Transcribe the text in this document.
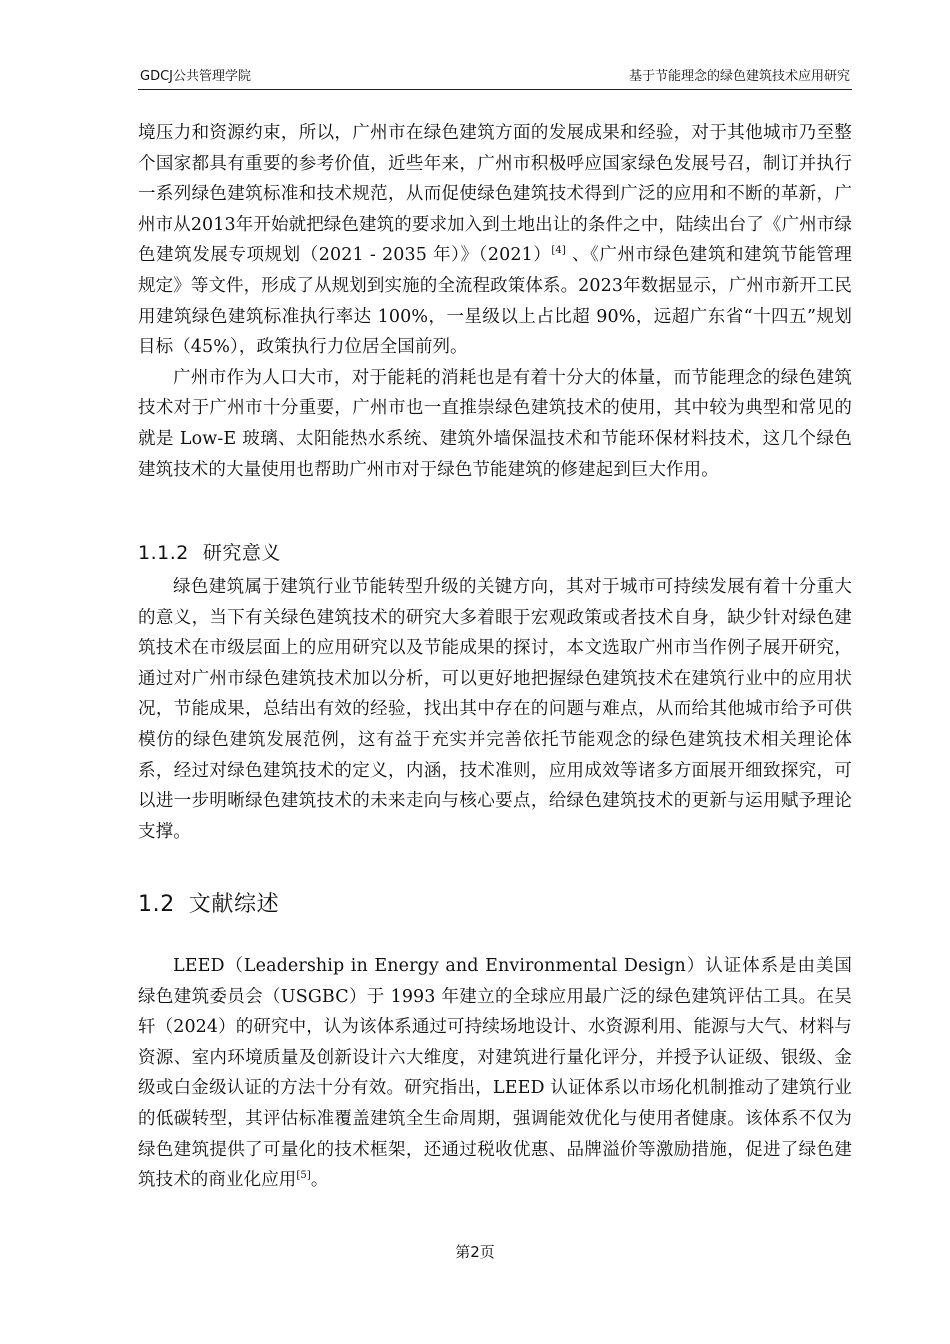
GDCJ公共管理学院	基于节能理念的绿色建筑技术应用研究

境压力和资源约束，所以，广州市在绿色建筑方面的发展成果和经验，对于其他城市乃至整个国家都具有重要的参考价值，近些年来，广州市积极呼应国家绿色发展号召，制订并执行一系列绿色建筑标准和技术规范，从而促使绿色建筑技术得到广泛的应用和不断的革新，广州市从2013年开始就把绿色建筑的要求加入到土地出让的条件之中，陆续出台了《广州市绿色建筑发展专项规划（2021 - 2035 年）》（2021）[4] 、《广州市绿色建筑和建筑节能管理规定》等文件，形成了从规划到实施的全流程政策体系。2023年数据显示，广州市新开工民用建筑绿色建筑标准执行率达 100%，一星级以上占比超 90%，远超广东省“十四五”规划目标（45%），政策执行力位居全国前列。

广州市作为人口大市，对于能耗的消耗也是有着十分大的体量，而节能理念的绿色建筑技术对于广州市十分重要，广州市也一直推崇绿色建筑技术的使用，其中较为典型和常见的就是 Low-E 玻璃、太阳能热水系统、建筑外墙保温技术和节能环保材料技术，这几个绿色建筑技术的大量使用也帮助广州市对于绿色节能建筑的修建起到巨大作用。

1.1.2 研究意义

绿色建筑属于建筑行业节能转型升级的关键方向，其对于城市可持续发展有着十分重大的意义，当下有关绿色建筑技术的研究大多着眼于宏观政策或者技术自身，缺少针对绿色建筑技术在市级层面上的应用研究以及节能成果的探讨，本文选取广州市当作例子展开研究，通过对广州市绿色建筑技术加以分析，可以更好地把握绿色建筑技术在建筑行业中的应用状况，节能成果，总结出有效的经验，找出其中存在的问题与难点，从而给其他城市给予可供模仿的绿色建筑发展范例，这有益于充实并完善依托节能观念的绿色建筑技术相关理论体系，经过对绿色建筑技术的定义，内涵，技术准则，应用成效等诸多方面展开细致探究，可以进一步明晰绿色建筑技术的未来走向与核心要点，给绿色建筑技术的更新与运用赋予理论支撑。

1.2 文献综述

LEED（Leadership in Energy and Environmental Design）认证体系是由美国绿色建筑委员会（USGBC）于 1993 年建立的全球应用最广泛的绿色建筑评估工具。在吴轩（2024）的研究中，认为该体系通过可持续场地设计、水资源利用、能源与大气、材料与资源、室内环境质量及创新设计六大维度，对建筑进行量化评分，并授予认证级、银级、金级或白金级认证的方法十分有效。研究指出，LEED 认证体系以市场化机制推动了建筑行业的低碳转型，其评估标准覆盖建筑全生命周期，强调能效优化与使用者健康。该体系不仅为绿色建筑提供了可量化的技术框架，还通过税收优惠、品牌溢价等激励措施，促进了绿色建筑技术的商业化应用[5]。

第2页
